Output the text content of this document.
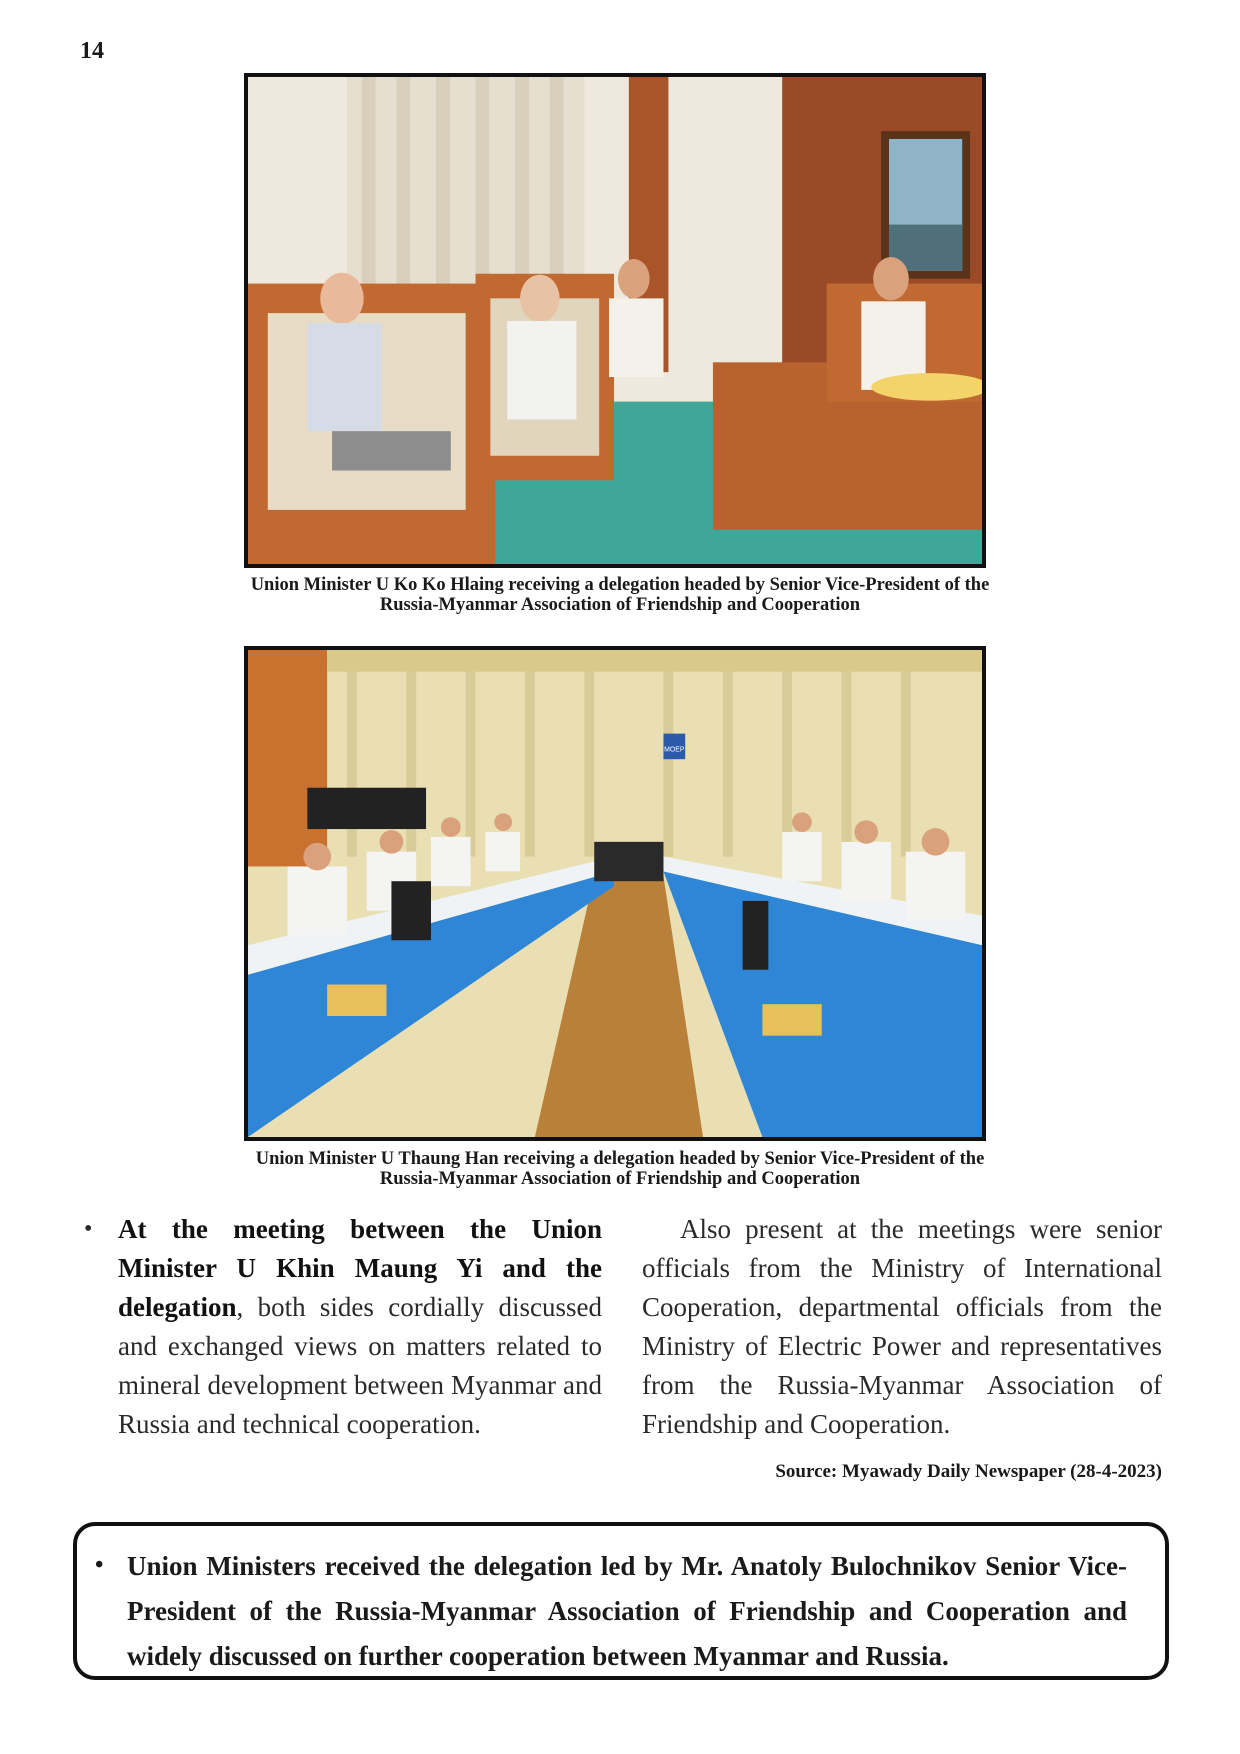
14
Union Minister U Ko Ko Hlaing receiving a delegation headed by Senior Vice-President of the
Russia-Myanmar Association of Friendship and Cooperation
MOEP
Union Minister U Thaung Han receiving a delegation headed by Senior Vice-President of the
Russia-Myanmar Association of Friendship and Cooperation
• At the meeting between the Union Minister U Khin Maung Yi and the delegation, both sides cordially discussed and exchanged views on matters related to mineral development between Myanmar and Russia and technical cooperation.
Also present at the meetings were senior officials from the Ministry of International Cooperation, departmental officials from the Ministry of Electric Power and representatives from the Russia-Myanmar Association of Friendship and Cooperation.
Source: Myawady Daily Newspaper (28-4-2023)
• Union Ministers received the delegation led by Mr. Anatoly Bulochnikov Senior Vice-President of the Russia-Myanmar Association of Friendship and Cooperation and widely discussed on further cooperation between Myanmar and Russia.
